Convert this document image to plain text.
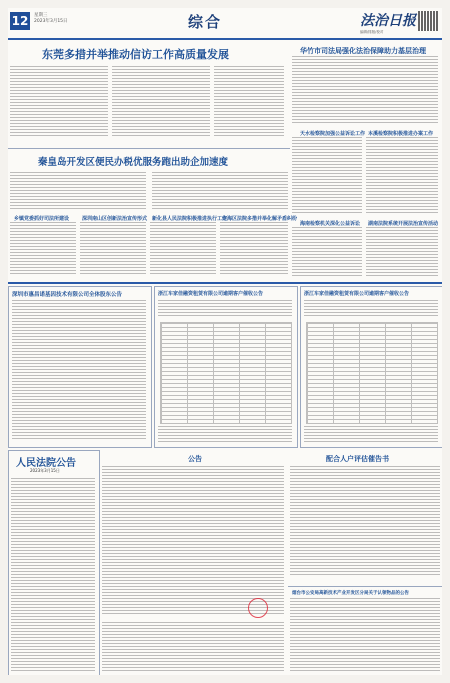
12	星期三
2023年3月15日	综合	法治日报
编辑/排版/校对
东莞多措并举推动信访工作高质量发展	华竹市司法局强化法治保障助力基层治理
秦皇岛开发区便民办税优服务跑出助企加速度
乡镇党委抓好司法所建设	深圳南山区创新法治宣传形式 新化县人民法院积极推进执行工作
定海区法院多措并举化解矛盾纠纷
天水检察院加强公益诉讼工作 本溪检察院积极推进办案工作
海南检察机关深化公益诉讼 湖南法院系统开展法治宣传活动
深圳市惠昌诺基因技术有限公司全体股东公告	浙江车家佳融资租赁有限公司逾期客户催收公告	浙江车家佳融资租赁有限公司逾期客户催收公告
人民法院公告
2023年3月15日
公告	配合人户评估催告书
烟台市公安局高新技术产业开发区分局关于认领物品的公告
